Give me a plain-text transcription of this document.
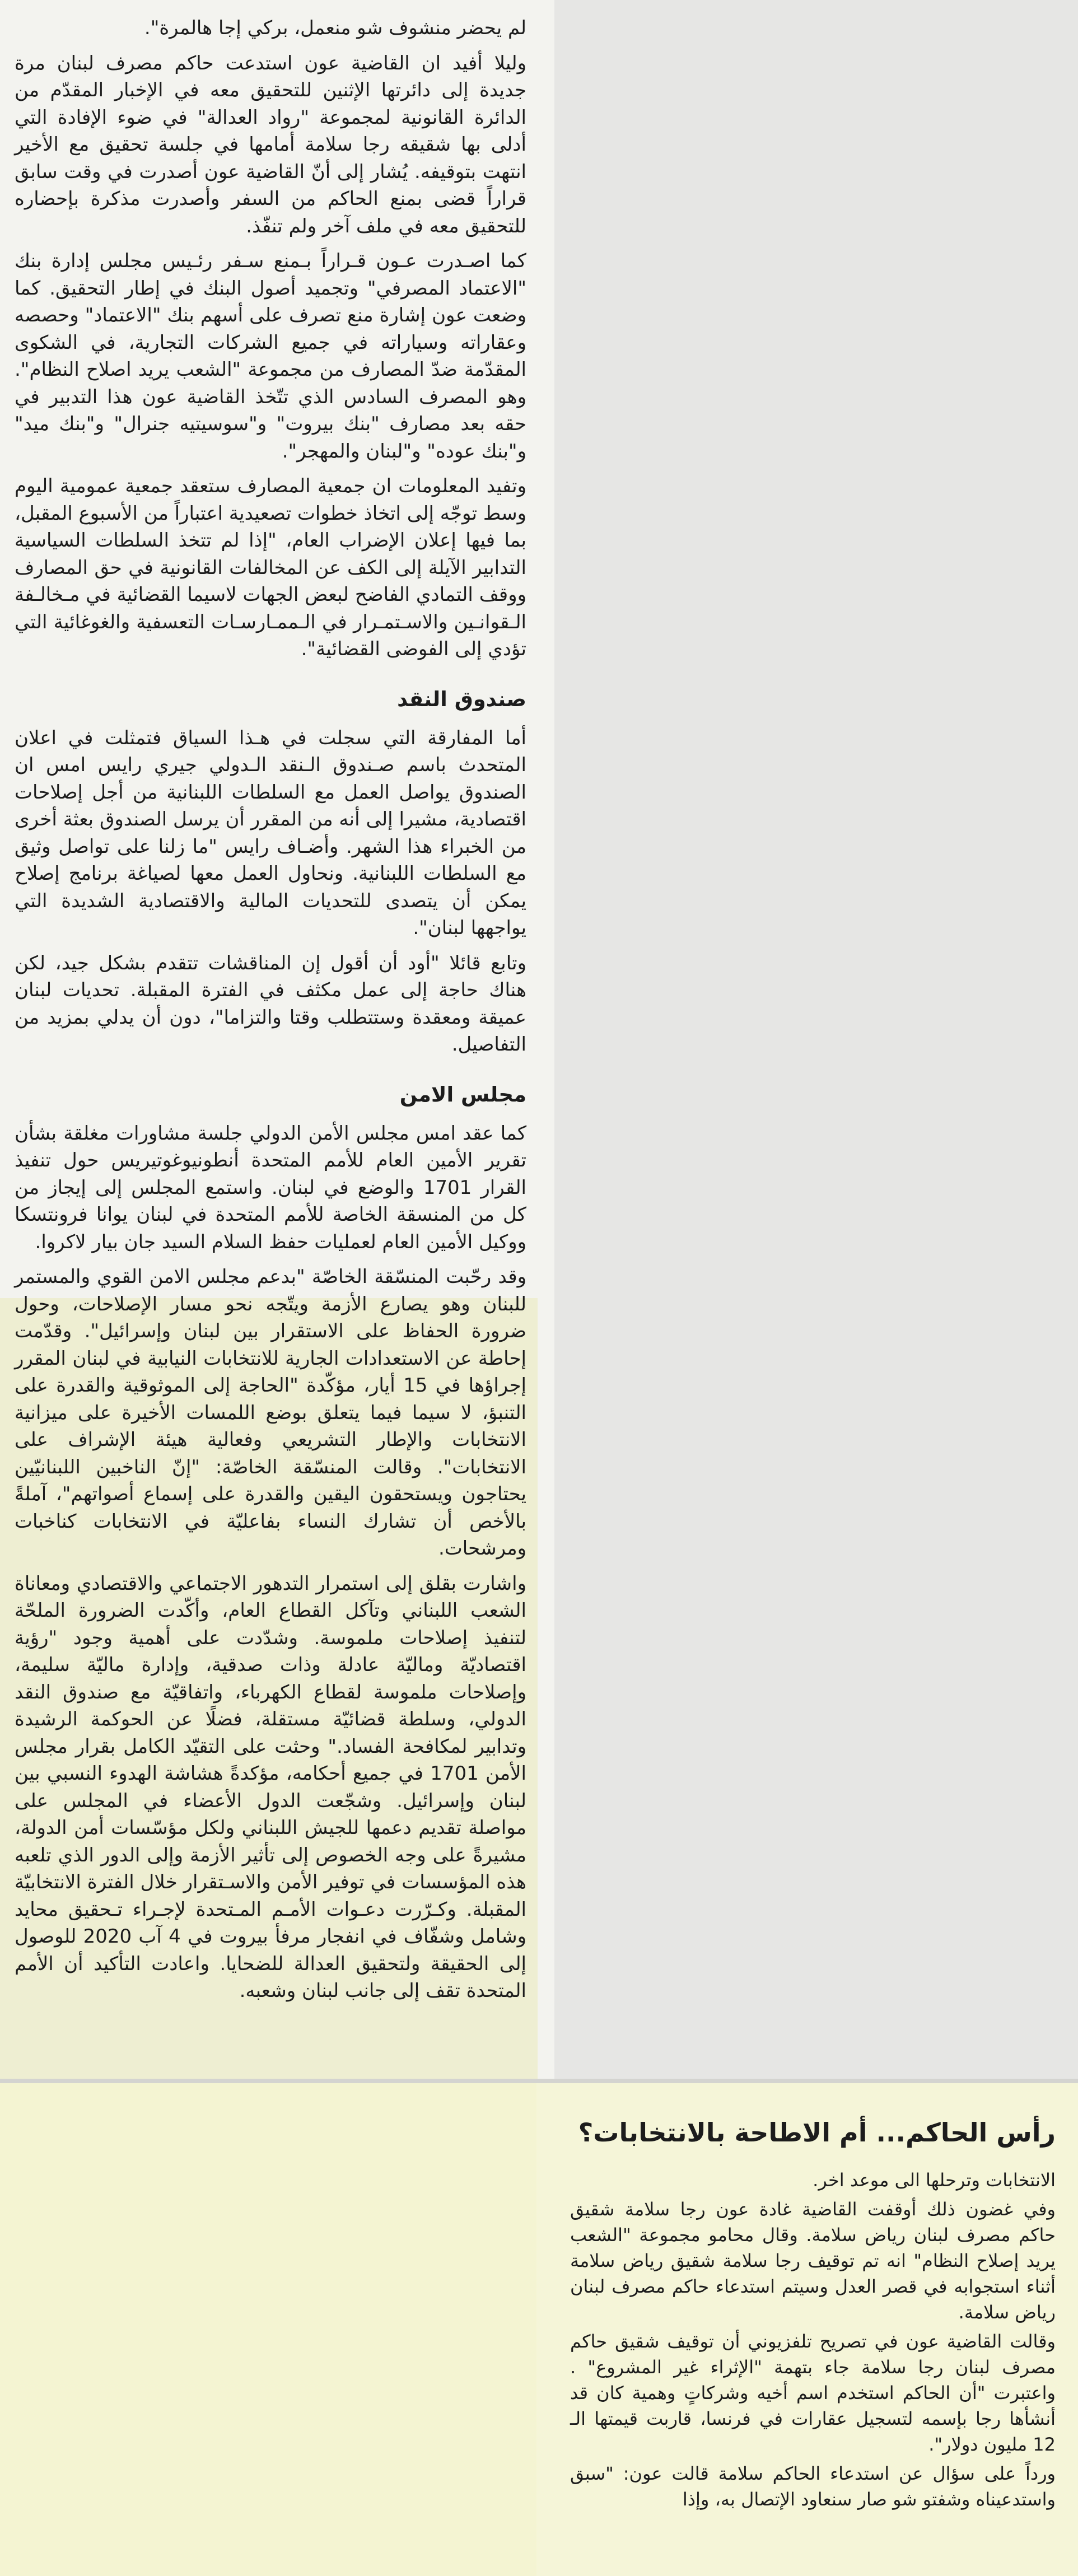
لم يحضر منشوف شو منعمل، بركي إجا هالمرة".

وليلا أفيد ان القاضية عون استدعت حاكم مصرف لبنان مرة جديدة إلى دائرتها الإثنين للتحقيق معه في الإخبار المقدّم من الدائرة القانونية لمجموعة "رواد العدالة" في ضوء الإفادة التي أدلى بها شقيقه رجا سلامة أمامها في جلسة تحقيق مع الأخير انتهت بتوقيفه. يُشار إلى أنّ القاضية عون أصدرت في وقت سابق قراراً قضى بمنع الحاكم من السفر وأصدرت مذكرة بإحضاره للتحقيق معه في ملف آخر ولم تنفّذ.

كما اصـدرت عـون قـراراً بـمنع سـفر رئـيس مجلس إدارة بنك "الاعتماد المصرفي" وتجميد أصول البنك في إطار التحقيق. كما وضعت عون إشارة منع تصرف على أسهم بنك "الاعتماد" وحصصه وعقاراته وسياراته في جميع الشركات التجارية، في الشكوى المقدّمة ضدّ المصارف من مجموعة "الشعب يريد اصلاح النظام". وهو المصرف السادس الذي تتّخذ القاضية عون هذا التدبير في حقه بعد مصارف "بنك بيروت" و"سوسيتيه جنرال" و"بنك ميد" و"بنك عوده" و"لبنان والمهجر".

وتفيد المعلومات ان جمعية المصارف ستعقد جمعية عمومية اليوم وسط توجّه إلى اتخاذ خطوات تصعيدية اعتباراً من الأسبوع المقبل، بما فيها إعلان الإضراب العام، "إذا لم تتخذ السلطات السياسية التدابير الآيلة إلى الكف عن المخالفات القانونية في حق المصارف ووقف التمادي الفاضح لبعض الجهات لاسيما القضائية في مـخالـفة الـقوانـين والاسـتمـرار في الـممـارسـات التعسفية والغوغائية التي تؤدي إلى الفوضى القضائية".

صندوق النقد

أما المفارقة التي سجلت في هـذا السياق فتمثلت في اعلان المتحدث باسم صـندوق الـنقد الـدولي جيري رايس امس ان الصندوق يواصل العمل مع السلطات اللبنانية من أجل إصلاحات اقتصادية، مشيرا إلى أنه من المقرر أن يرسل الصندوق بعثة أخرى من الخبراء هذا الشهر. وأضـاف رايس "ما زلنا على تواصل وثيق مع السلطات اللبنانية. ونحاول العمل معها لصياغة برنامج إصلاح يمكن أن يتصدى للتحديات المالية والاقتصادية الشديدة التي يواجهها لبنان".

وتابع قائلا "أود أن أقول إن المناقشات تتقدم بشكل جيد، لكن هناك حاجة إلى عمل مكثف في الفترة المقبلة. تحديات لبنان عميقة ومعقدة وستتطلب وقتا والتزاما"، دون أن يدلي بمزيد من التفاصيل.

مجلس الامن

كما عقد امس مجلس الأمن الدولي جلسة مشاورات مغلقة بشأن تقرير الأمين العام للأمم المتحدة أنطونيوغوتيريس حول تنفيذ القرار 1701 والوضع في لبنان. واستمع المجلس إلى إيجاز من كل من المنسقة الخاصة للأمم المتحدة في لبنان يوانا فرونتسكا ووكيل الأمين العام لعمليات حفظ السلام السيد جان بيار لاكروا.

وقد رحّبت المنسّقة الخاصّة "بدعم مجلس الامن القوي والمستمر للبنان وهو يصارع الأزمة ويتّجه نحو مسار الإصلاحات، وحول ضرورة الحفاظ على الاستقرار بين لبنان وإسرائيل". وقدّمت إحاطة عن الاستعدادات الجارية للانتخابات النيابية في لبنان المقرر إجراؤها في 15 أيار، مؤكّدة "الحاجة إلى الموثوقية والقدرة على التنبؤ، لا سيما فيما يتعلق بوضع اللمسات الأخيرة على ميزانية الانتخابات والإطار التشريعي وفعالية هيئة الإشراف على الانتخابات". وقالت المنسّقة الخاصّة: "إنّ الناخبين اللبنانيّين يحتاجون ويستحقون اليقين والقدرة على إسماع أصواتهم"، آملةً بالأخص أن تشارك النساء بفاعليّة في الانتخابات كناخبات ومرشحات.

واشارت بقلق إلى استمرار التدهور الاجتماعي والاقتصادي ومعاناة الشعب اللبناني وتآكل القطاع العام، وأكّدت الضرورة الملحّة لتنفيذ إصلاحات ملموسة. وشدّدت على أهمية وجود "رؤية اقتصاديّة وماليّة عادلة وذات صدقية، وإدارة ماليّة سليمة، وإصلاحات ملموسة لقطاع الكهرباء، واتفاقيّة مع صندوق النقد الدولي، وسلطة قضائيّة مستقلة، فضلًا عن الحوكمة الرشيدة وتدابير لمكافحة الفساد." وحثت على التقيّد الكامل بقرار مجلس الأمن 1701 في جميع أحكامه، مؤكدةً هشاشة الهدوء النسبي بين لبنان وإسرائيل. وشجّعت الدول الأعضاء في المجلس على مواصلة تقديم دعمها للجيش اللبناني ولكل مؤسّسات أمن الدولة، مشيرةً على وجه الخصوص إلى تأثير الأزمة وإلى الدور الذي تلعبه هذه المؤسسات في توفير الأمن والاسـتقرار خلال الفترة الانتخابيّة المقبلة. وكـرّرت دعـوات الأمـم المـتحدة لإجـراء تـحقيق محايد وشامل وشفّاف في انفجار مرفأ بيروت في 4 آب 2020 للوصول إلى الحقيقة ولتحقيق العدالة للضحايا. واعادت التأكيد أن الأمم المتحدة تقف إلى جانب لبنان وشعبه.

رأس الحاكم... أم الاطاحة بالانتخابات؟

الانتخابات وترحلها الى موعد اخر.

وفي غضون ذلك أوقفت القاضية غادة عون رجا سلامة شقيق حاكم مصرف لبنان رياض سلامة. وقال محامو مجموعة "الشعب يريد إصلاح النظام" انه تم توقيف رجا سلامة شقيق رياض سلامة أثناء استجوابه في قصر العدل وسيتم استدعاء حاكم مصرف لبنان رياض سلامة.

وقالت القاضية عون في تصريح تلفزيوني أن توقيف شقيق حاكم مصرف لبنان رجا سلامة جاء بتهمة "الإثراء غير المشروع" . واعتبرت "أن الحاكم استخدم اسم أخيه وشركاتٍ وهمية كان قد أنشأها رجا بإسمه لتسجيل عقارات في فرنسا، قاربت قيمتها الـ 12 مليون دولار".

ورداً على سؤال عن استدعاء الحاكم سلامة قالت عون: "سبق واستدعيناه وشفتو شو صار سنعاود الإتصال به، وإذا
